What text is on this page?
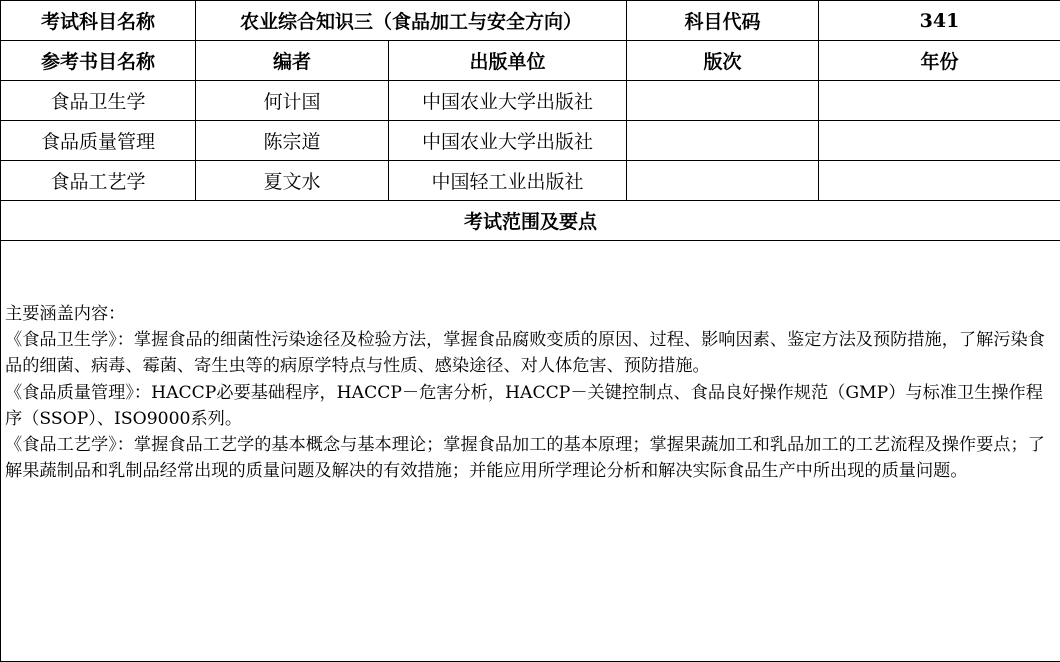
考试科目名称	农业综合知识三（食品加工与安全方向）		科目代码	341
参考书目名称	编者	出版单位	版次	年份
食品卫生学	何计国	中国农业大学出版社		
食品质量管理	陈宗道	中国农业大学出版社		
食品工艺学	夏文水	中国轻工业出版社		
考试范围及要点				

主要涵盖内容：

《食品卫生学》：掌握食品的细菌性污染途径及检验方法，掌握食品腐败变质的原因、过程、影响因素、鉴定方法及预防措施，了解污染食品的细菌、病毒、霉菌、寄生虫等的病原学特点与性质、感染途径、对人体危害、预防措施。

《食品质量管理》：HACCP必要基础程序，HACCP－危害分析，HACCP－关键控制点、食品良好操作规范（GMP）与标准卫生操作程序（SSOP）、ISO9000系列。

《食品工艺学》：掌握食品工艺学的基本概念与基本理论；掌握食品加工的基本原理；掌握果蔬加工和乳品加工的工艺流程及操作要点；了解果蔬制品和乳制品经常出现的质量问题及解决的有效措施；并能应用所学理论分析和解决实际食品生产中所出现的质量问题。				
